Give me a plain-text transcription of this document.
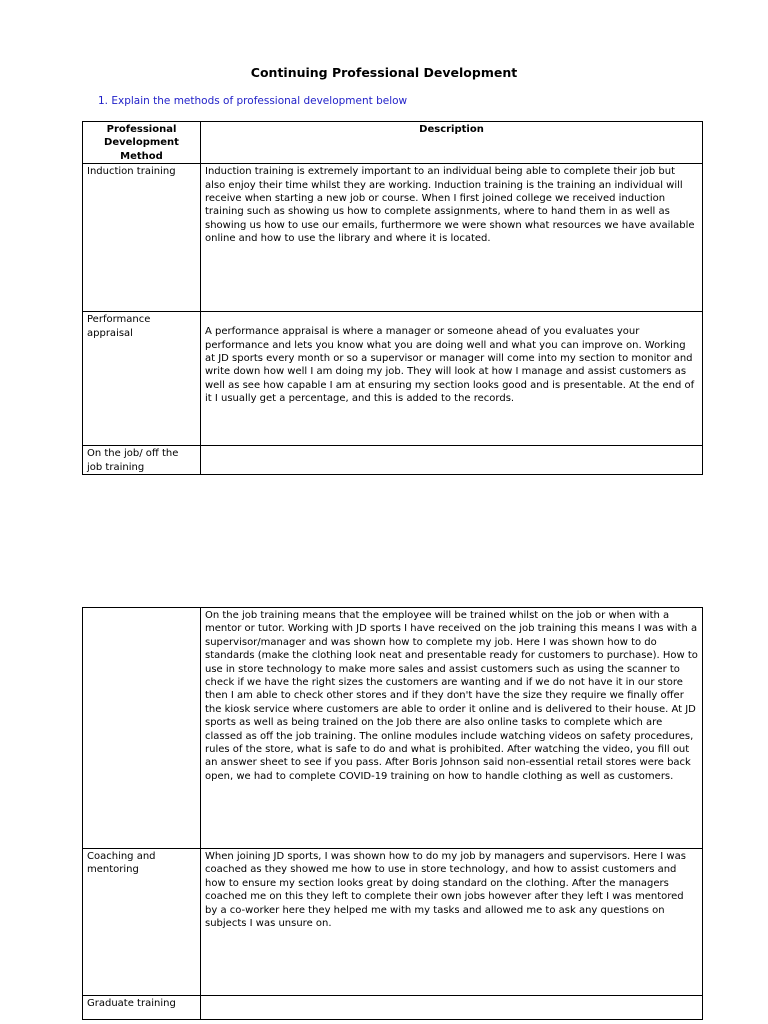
Continuing Professional Development
1. Explain the methods of professional development below
Professional Development Method	Description
Induction training	Induction training is extremely important to an individual being able to complete their job but also enjoy their time whilst they are working. Induction training is the training an individual will receive when starting a new job or course. When I first joined college we received induction training such as showing us how to complete assignments, where to hand them in as well as showing us how to use our emails, furthermore we were shown what resources we have available online and how to use the library and where it is located.
Performance appraisal	A performance appraisal is where a manager or someone ahead of you evaluates your performance and lets you know what you are doing well and what you can improve on. Working at JD sports every month or so a supervisor or manager will come into my section to monitor and write down how well I am doing my job. They will look at how I manage and assist customers as well as see how capable I am at ensuring my section looks good and is presentable. At the end of it I usually get a percentage, and this is added to the records.
On the job/ off the job training	
	On the job training means that the employee will be trained whilst on the job or when with a mentor or tutor. Working with JD sports I have received on the job training this means I was with a supervisor/manager and was shown how to complete my job. Here I was shown how to do standards (make the clothing look neat and presentable ready for customers to purchase). How to use in store technology to make more sales and assist customers such as using the scanner to check if we have the right sizes the customers are wanting and if we do not have it in our store then I am able to check other stores and if they don't have the size they require we finally offer the kiosk service where customers are able to order it online and is delivered to their house. At JD sports as well as being trained on the Job there are also online tasks to complete which are classed as off the job training. The online modules include watching videos on safety procedures, rules of the store, what is safe to do and what is prohibited. After watching the video, you fill out an answer sheet to see if you pass. After Boris Johnson said non-essential retail stores were back open, we had to complete COVID-19 training on how to handle clothing as well as customers.
Coaching and mentoring	When joining JD sports, I was shown how to do my job by managers and supervisors. Here I was coached as they showed me how to use in store technology, and how to assist customers and how to ensure my section looks great by doing standard on the clothing. After the managers coached me on this they left to complete their own jobs however after they left I was mentored by a co-worker here they helped me with my tasks and allowed me to ask any questions on subjects I was unsure on.
Graduate training	
